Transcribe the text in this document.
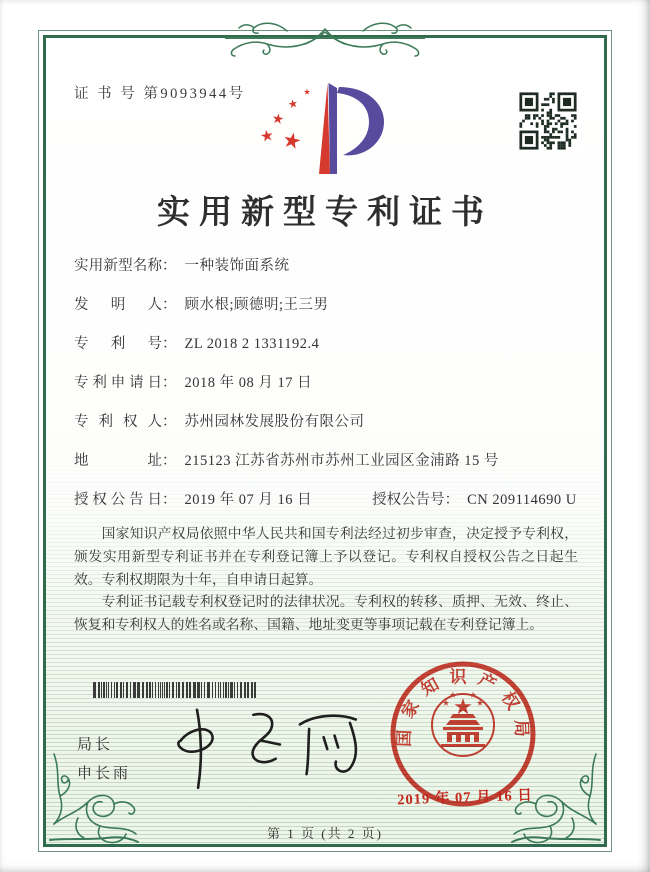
证 书 号 第9093944号
实用新型专利证书
实用新型名称： 一种装饰面系统
发明人： 顾水根;顾德明;王三男
专利号： ZL 2018 2 1331192.4
专利申请日： 2018 年 08 月 17 日
专利权人： 苏州园林发展股份有限公司
地址： 215123 江苏省苏州市苏州工业园区金浦路 15 号
授权公告日： 2019 年 07 月 16 日	授权公告号： CN 209114690 U

国家知识产权局依照中华人民共和国专利法经过初步审查，决定授予专利权，颁发实用新型专利证书并在专利登记簿上予以登记。专利权自授权公告之日起生效。专利权期限为十年，自申请日起算。

专利证书记载专利权登记时的法律状况。专利权的转移、质押、无效、终止、恢复和专利权人的姓名或名称、国籍、地址变更等事项记载在专利登记簿上。

局长
申长雨
国家知识产权局
2019 年 07 月 16 日
第 1 页 (共 2 页)
